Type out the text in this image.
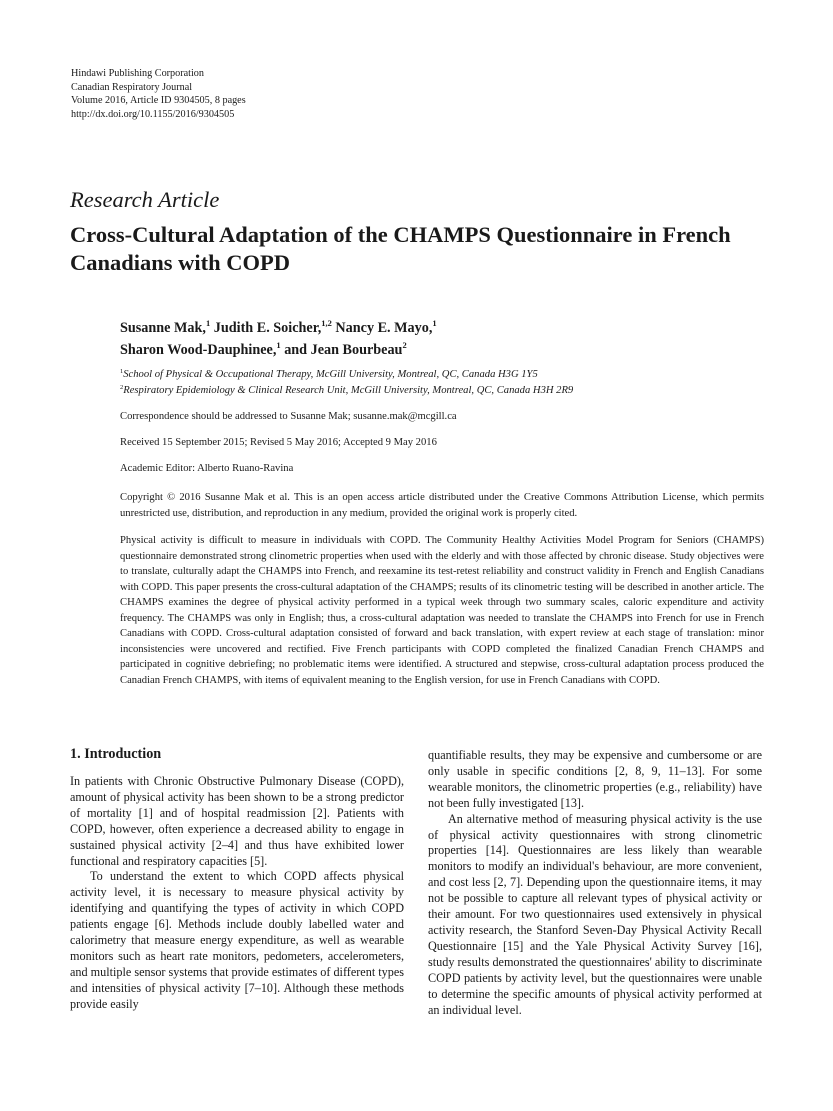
Hindawi Publishing Corporation
Canadian Respiratory Journal
Volume 2016, Article ID 9304505, 8 pages
http://dx.doi.org/10.1155/2016/9304505
Research Article
Cross-Cultural Adaptation of the CHAMPS Questionnaire in French Canadians with COPD
Susanne Mak,$^1$ Judith E. Soicher,$^{1,2}$ Nancy E. Mayo,$^1$
Sharon Wood-Dauphinee,$^1$ and Jean Bourbeau$^2$
$^1$School of Physical & Occupational Therapy, McGill University, Montreal, QC, Canada H3G 1Y5
$^2$Respiratory Epidemiology & Clinical Research Unit, McGill University, Montreal, QC, Canada H3H 2R9
Correspondence should be addressed to Susanne Mak; susanne.mak@mcgill.ca
Received 15 September 2015; Revised 5 May 2016; Accepted 9 May 2016
Academic Editor: Alberto Ruano-Ravina
Copyright © 2016 Susanne Mak et al. This is an open access article distributed under the Creative Commons Attribution License, which permits unrestricted use, distribution, and reproduction in any medium, provided the original work is properly cited.
Physical activity is difficult to measure in individuals with COPD. The Community Healthy Activities Model Program for Seniors (CHAMPS) questionnaire demonstrated strong clinometric properties when used with the elderly and with those affected by chronic disease. Study objectives were to translate, culturally adapt the CHAMPS into French, and reexamine its test-retest reliability and construct validity in French and English Canadians with COPD. This paper presents the cross-cultural adaptation of the CHAMPS; results of its clinometric testing will be described in another article. The CHAMPS examines the degree of physical activity performed in a typical week through two summary scales, caloric expenditure and activity frequency. The CHAMPS was only in English; thus, a cross-cultural adaptation was needed to translate the CHAMPS into French for use in French Canadians with COPD. Cross-cultural adaptation consisted of forward and back translation, with expert review at each stage of translation: minor inconsistencies were uncovered and rectified. Five French participants with COPD completed the finalized Canadian French CHAMPS and participated in cognitive debriefing; no problematic items were identified. A structured and stepwise, cross-cultural adaptation process produced the Canadian French CHAMPS, with items of equivalent meaning to the English version, for use in French Canadians with COPD.
1. Introduction

In patients with Chronic Obstructive Pulmonary Disease (COPD), amount of physical activity has been shown to be a strong predictor of mortality [1] and of hospital readmission [2]. Patients with COPD, however, often experience a decreased ability to engage in sustained physical activity [2–4] and thus have exhibited lower functional and respiratory capacities [5].

To understand the extent to which COPD affects physical activity level, it is necessary to measure physical activity by identifying and quantifying the types of activity in which COPD patients engage [6]. Methods include doubly labelled water and calorimetry that measure energy expenditure, as well as wearable monitors such as heart rate monitors, pedometers, accelerometers, and multiple sensor systems that provide estimates of different types and intensities of physical activity [7–10]. Although these methods provide easily

quantifiable results, they may be expensive and cumbersome or are only usable in specific conditions [2, 8, 9, 11–13]. For some wearable monitors, the clinometric properties (e.g., reliability) have not been fully investigated [13].

An alternative method of measuring physical activity is the use of physical activity questionnaires with strong clinometric properties [14]. Questionnaires are less likely than wearable monitors to modify an individual's behaviour, are more convenient, and cost less [2, 7]. Depending upon the questionnaire items, it may not be possible to capture all relevant types of physical activity or their amount. For two questionnaires used extensively in physical activity research, the Stanford Seven-Day Physical Activity Recall Questionnaire [15] and the Yale Physical Activity Survey [16], study results demonstrated the questionnaires' ability to discriminate COPD patients by activity level, but the questionnaires were unable to determine the specific amounts of physical activity performed at an individual level.
